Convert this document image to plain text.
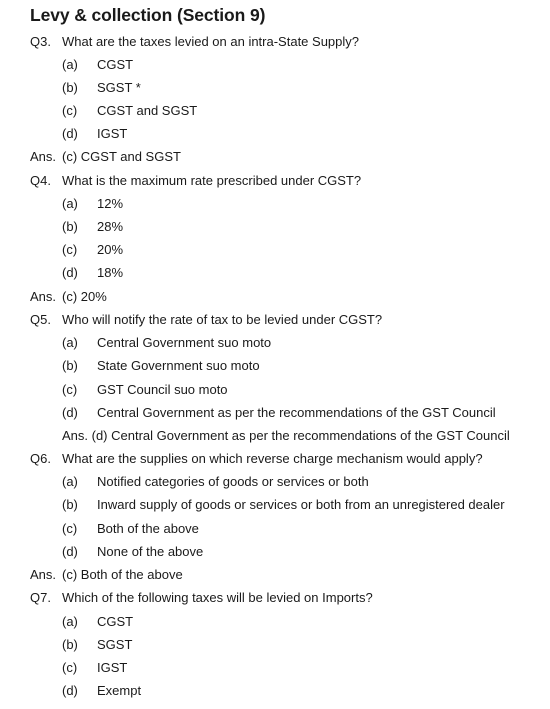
Levy & collection (Section 9)
Q3. What are the taxes levied on an intra-State Supply?
(a) CGST
(b) SGST *
(c) CGST and SGST
(d) IGST
Ans. (c) CGST and SGST
Q4. What is the maximum rate prescribed under CGST?
(a) 12%
(b) 28%
(c) 20%
(d) 18%
Ans. (c) 20%
Q5. Who will notify the rate of tax to be levied under CGST?
(a) Central Government suo moto
(b) State Government suo moto
(c) GST Council suo moto
(d) Central Government as per the recommendations of the GST Council
Ans. (d) Central Government as per the recommendations of the GST Council
Q6. What are the supplies on which reverse charge mechanism would apply?
(a) Notified categories of goods or services or both
(b) Inward supply of goods or services or both from an unregistered dealer
(c) Both of the above
(d) None of the above
Ans. (c) Both of the above
Q7. Which of the following taxes will be levied on Imports?
(a) CGST
(b) SGST
(c) IGST
(d) Exempt
